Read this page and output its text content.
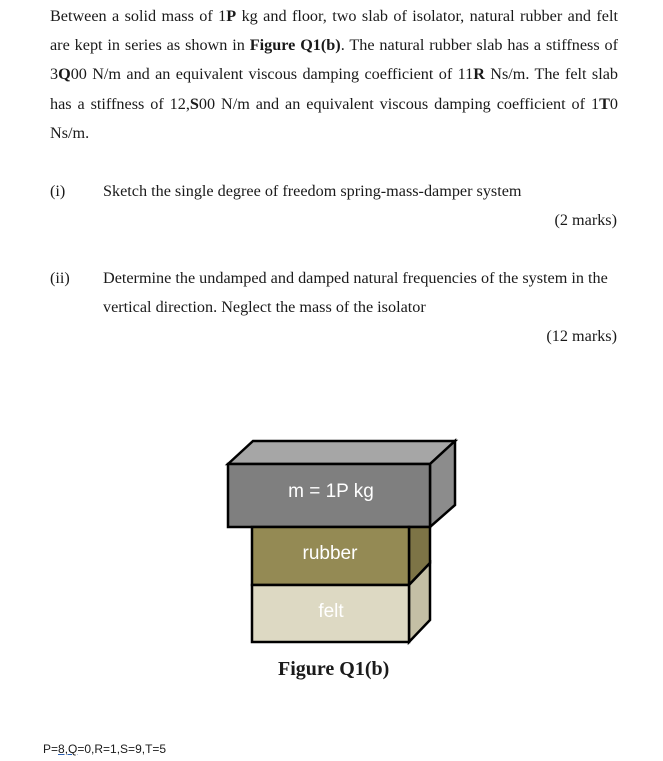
Between a solid mass of 1P kg and floor, two slab of isolator, natural rubber and felt are kept in series as shown in Figure Q1(b). The natural rubber slab has a stiffness of 3Q00 N/m and an equivalent viscous damping coefficient of 11R Ns/m. The felt slab has a stiffness of 12,S00 N/m and an equivalent viscous damping coefficient of 1T0 Ns/m.
(i) Sketch the single degree of freedom spring-mass-damper system
(2 marks)
(ii) Determine the undamped and damped natural frequencies of the system in the vertical direction. Neglect the mass of the isolator
(12 marks)
m = 1P kg
rubber
felt
Figure Q1(b)
P=8,Q=0,R=1,S=9,T=5
